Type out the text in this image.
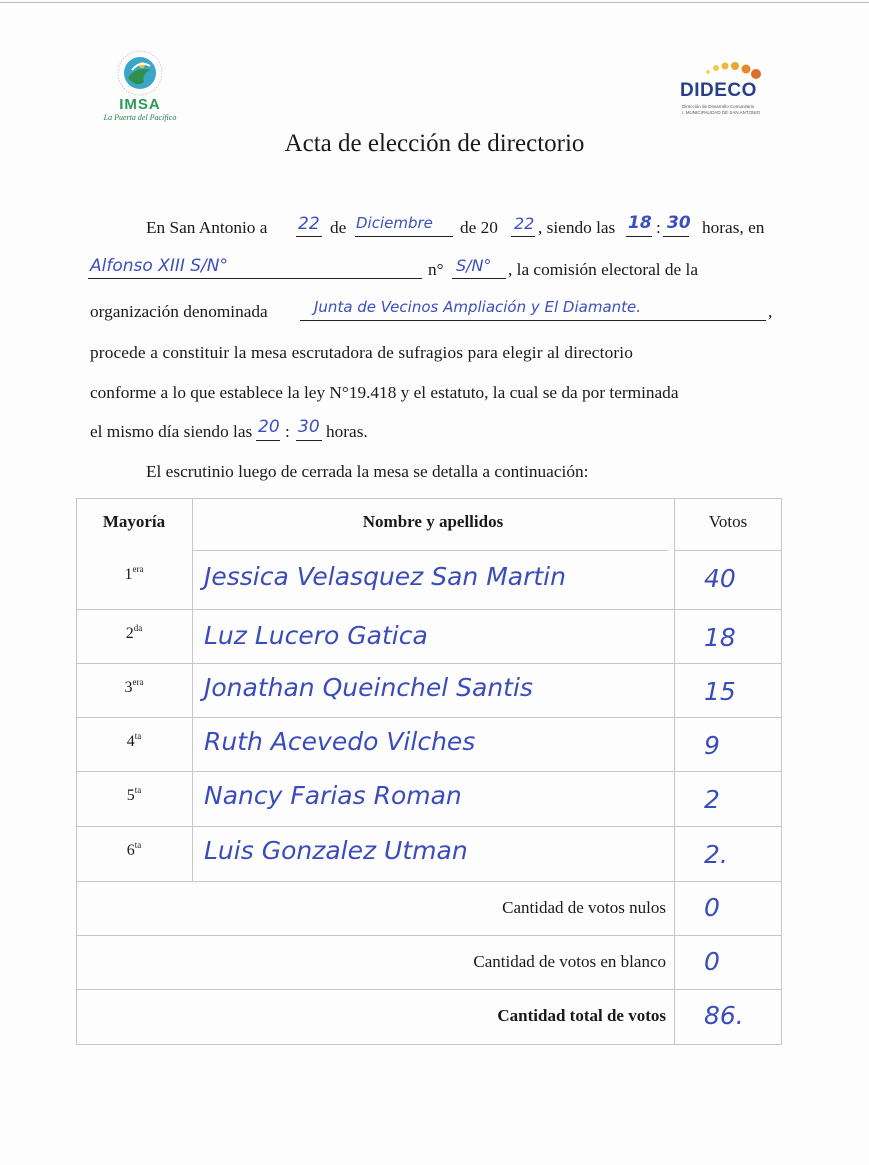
IMSA
La Puerta del Pacífico
DIDECO
Dirección de Desarrollo Comunitario
I. MUNICIPALIDAD DE SAN ANTONIO
Acta de elección de directorio
En San Antonio a 22 de Diciembre de 20 22 , siendo las 18 : 30 horas, en
Alfonso XIII S/N°	n° S/N° , la comisión electoral de la
organización denominada	Junta de Vecinos Ampliación y El Diamante.	,
procede a constituir la mesa escrutadora de sufragios para elegir al directorio
conforme a lo que establece la ley N°19.418 y el estatuto, la cual se da por terminada
el mismo día siendo las 20 : 30 horas.
El escrutinio luego de cerrada la mesa se detalla a continuación:
Mayoría	Nombre y apellidos	Votos
$1^{era}$	Jessica Velasquez San Martin	40
$2^{da}$	Luz Lucero Gatica	18
$3^{era}$	Jonathan Queinchel Santis	15
$4^{ta}$	Ruth Acevedo Vilches	9
$5^{ta}$	Nancy Farias Roman	2
$6^{ta}$	Luis Gonzalez Utman	2.
Cantidad de votos nulos 0
Cantidad de votos en blanco 0
Cantidad total de votos 86.
